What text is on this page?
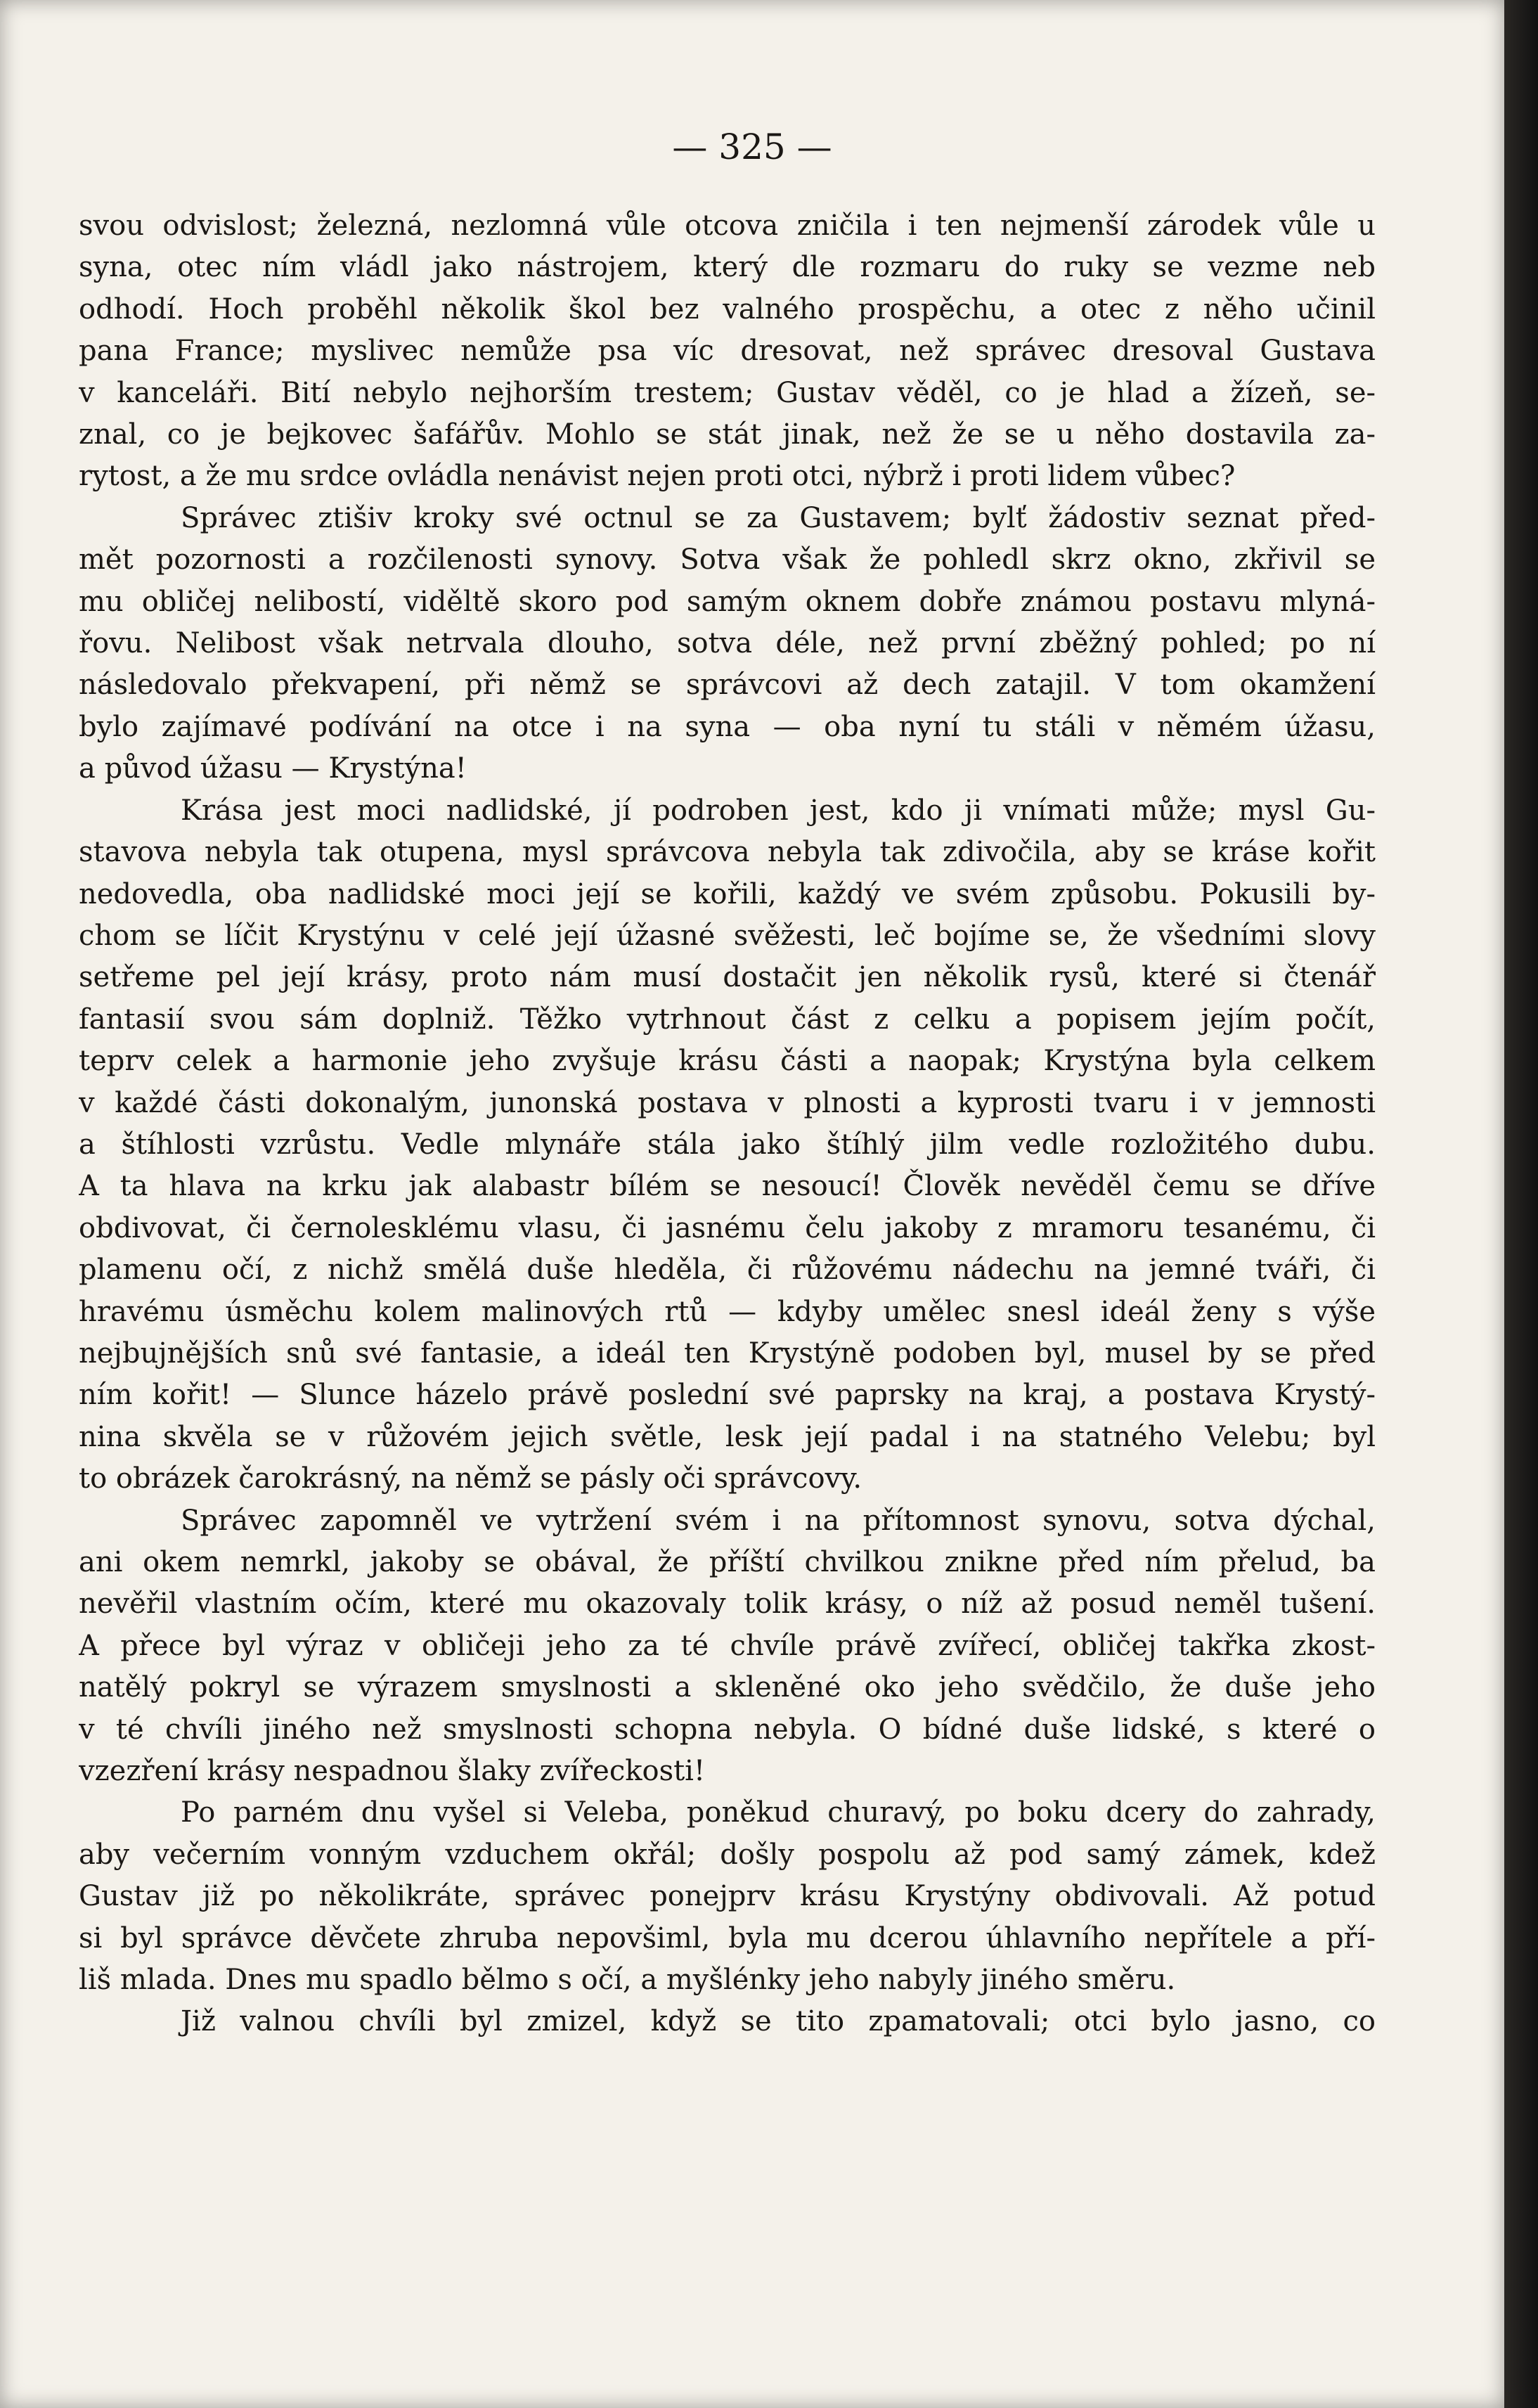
— 325 —
svou odvislost; železná, nezlomná vůle otcova zničila i ten nejmenší zárodek vůle u
syna, otec ním vládl jako nástrojem, který dle rozmaru do ruky se vezme neb
odhodí. Hoch proběhl několik škol bez valného prospěchu, a otec z něho učinil
pana France; myslivec nemůže psa víc dresovat, než správec dresoval Gustava
v kanceláři. Bití nebylo nejhorším trestem; Gustav věděl, co je hlad a žízeň, se-
znal, co je bejkovec šafářův. Mohlo se stát jinak, než že se u něho dostavila za-
rytost, a že mu srdce ovládla nenávist nejen proti otci, nýbrž i proti lidem vůbec?
Správec ztišiv kroky své octnul se za Gustavem; bylť žádostiv seznat před-
mět pozornosti a rozčilenosti synovy. Sotva však že pohledl skrz okno, zkřivil se
mu obličej nelibostí, viděltě skoro pod samým oknem dobře známou postavu mlyná-
řovu. Nelibost však netrvala dlouho, sotva déle, než první zběžný pohled; po ní
následovalo překvapení, při němž se správcovi až dech zatajil. V tom okamžení
bylo zajímavé podívání na otce i na syna — oba nyní tu stáli v němém úžasu,
a původ úžasu — Krystýna!
Krása jest moci nadlidské, jí podroben jest, kdo ji vnímati může; mysl Gu-
stavova nebyla tak otupena, mysl správcova nebyla tak zdivočila, aby se kráse kořit
nedovedla, oba nadlidské moci její se kořili, každý ve svém způsobu. Pokusili by-
chom se líčit Krystýnu v celé její úžasné svěžesti, leč bojíme se, že všedními slovy
setřeme pel její krásy, proto nám musí dostačit jen několik rysů, které si čtenář
fantasií svou sám doplniž. Těžko vytrhnout část z celku a popisem jejím počít,
teprv celek a harmonie jeho zvyšuje krásu části a naopak; Krystýna byla celkem
v každé části dokonalým, junonská postava v plnosti a kyprosti tvaru i v jemnosti
a štíhlosti vzrůstu. Vedle mlynáře stála jako štíhlý jilm vedle rozložitého dubu.
A ta hlava na krku jak alabastr bílém se nesoucí! Člověk nevěděl čemu se dříve
obdivovat, či černolesklému vlasu, či jasnému čelu jakoby z mramoru tesanému, či
plamenu očí, z nichž smělá duše hleděla, či růžovému nádechu na jemné tváři, či
hravému úsměchu kolem malinových rtů — kdyby umělec snesl ideál ženy s výše
nejbujnějších snů své fantasie, a ideál ten Krystýně podoben byl, musel by se před
ním kořit! — Slunce házelo právě poslední své paprsky na kraj, a postava Krystý-
nina skvěla se v růžovém jejich světle, lesk její padal i na statného Velebu; byl
to obrázek čarokrásný, na němž se pásly oči správcovy.
Správec zapomněl ve vytržení svém i na přítomnost synovu, sotva dýchal,
ani okem nemrkl, jakoby se obával, že příští chvilkou znikne před ním přelud, ba
nevěřil vlastním očím, které mu okazovaly tolik krásy, o níž až posud neměl tušení.
A přece byl výraz v obličeji jeho za té chvíle právě zvířecí, obličej takřka zkost-
natělý pokryl se výrazem smyslnosti a skleněné oko jeho svědčilo, že duše jeho
v té chvíli jiného než smyslnosti schopna nebyla. O bídné duše lidské, s které o
vzezření krásy nespadnou šlaky zvířeckosti!
Po parném dnu vyšel si Veleba, poněkud churavý, po boku dcery do zahrady,
aby večerním vonným vzduchem okřál; došly pospolu až pod samý zámek, kdež
Gustav již po několikráte, správec ponejprv krásu Krystýny obdivovali. Až potud
si byl správce děvčete zhruba nepovšiml, byla mu dcerou úhlavního nepřítele a pří-
liš mlada. Dnes mu spadlo bělmo s očí, a myšlénky jeho nabyly jiného směru.
Již valnou chvíli byl zmizel, když se tito zpamatovali; otci bylo jasno, co
